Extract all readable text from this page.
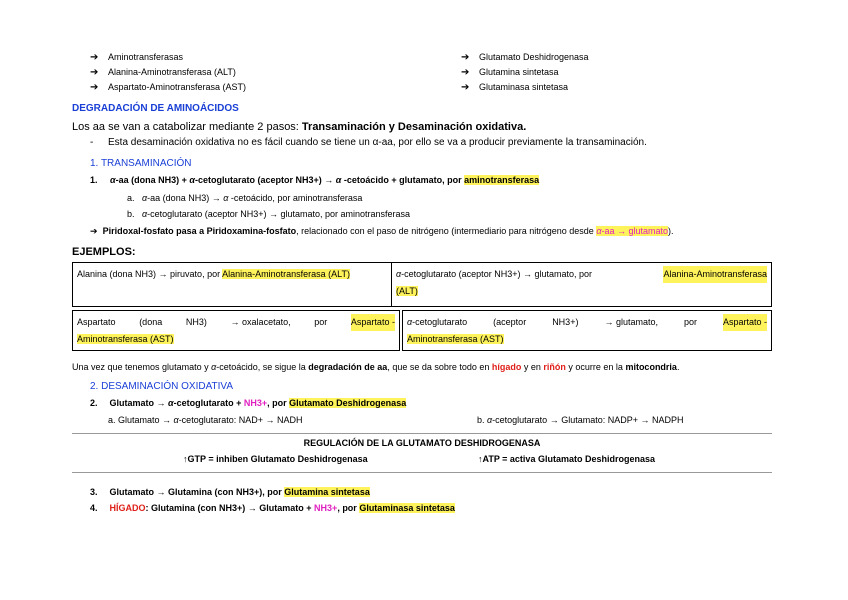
➔ Aminotransferasas
➔ Alanina-Aminotransferasa (ALT)
➔ Aspartato-Aminotransferasa (AST)
➔ Glutamato Deshidrogenasa
➔ Glutamina sintetasa
➔ Glutaminasa sintetasa
DEGRADACIÓN DE AMINOÁCIDOS
Los aa se van a catabolizar mediante 2 pasos: Transaminación y Desaminación oxidativa.
- Esta desaminación oxidativa no es fácil cuando se tiene un α-aa, por ello se va a producir previamente la transaminación.
1. TRANSAMINACIÓN
1. α-aa (dona NH3) + α-cetoglutarato (aceptor NH3+) → α -cetoácido + glutamato, por aminotransferasa
a. α-aa (dona NH3) → α -cetoácido, por aminotransferasa
b. α-cetoglutarato (aceptor NH3+) → glutamato, por aminotransferasa
➔ Piridoxal-fosfato pasa a Piridoxamina-fosfato, relacionado con el paso de nitrógeno (intermediario para nitrógeno desde α-aa → glutamato).
EJEMPLOS:
Alanina (dona NH3) → piruvato, por Alanina-Aminotransferasa (ALT)	α-cetoglutarato (aceptor NH3+) → glutamato, por	Alanina-Aminotransferasa
(ALT)
Aspartato	(dona	NH3)	→ oxalacetato,	por	Aspartato -
Aminotransferasa (AST)
α-cetoglutarato	(aceptor	NH3+)	→ glutamato,	por	Aspartato -
Aminotransferasa (AST)
Una vez que tenemos glutamato y α-cetoácido, se sigue la degradación de aa, que se da sobre todo en hígado y en riñón y ocurre en la mitocondria.
2. DESAMINACIÓN OXIDATIVA
2. Glutamato → α-cetoglutarato + NH3+, por Glutamato Deshidrogenasa
a. Glutamato → α-cetoglutarato: NAD+ → NADH	b. α-cetoglutarato → Glutamato: NADP+ → NADPH
REGULACIÓN DE LA GLUTAMATO DESHIDROGENASA
↑GTP = inhiben Glutamato Deshidrogenasa	↑ATP = activa Glutamato Deshidrogenasa
3. Glutamato → Glutamina (con NH3+), por Glutamina sintetasa
4. HÍGADO: Glutamina (con NH3+) → Glutamato + NH3+, por Glutaminasa sintetasa
